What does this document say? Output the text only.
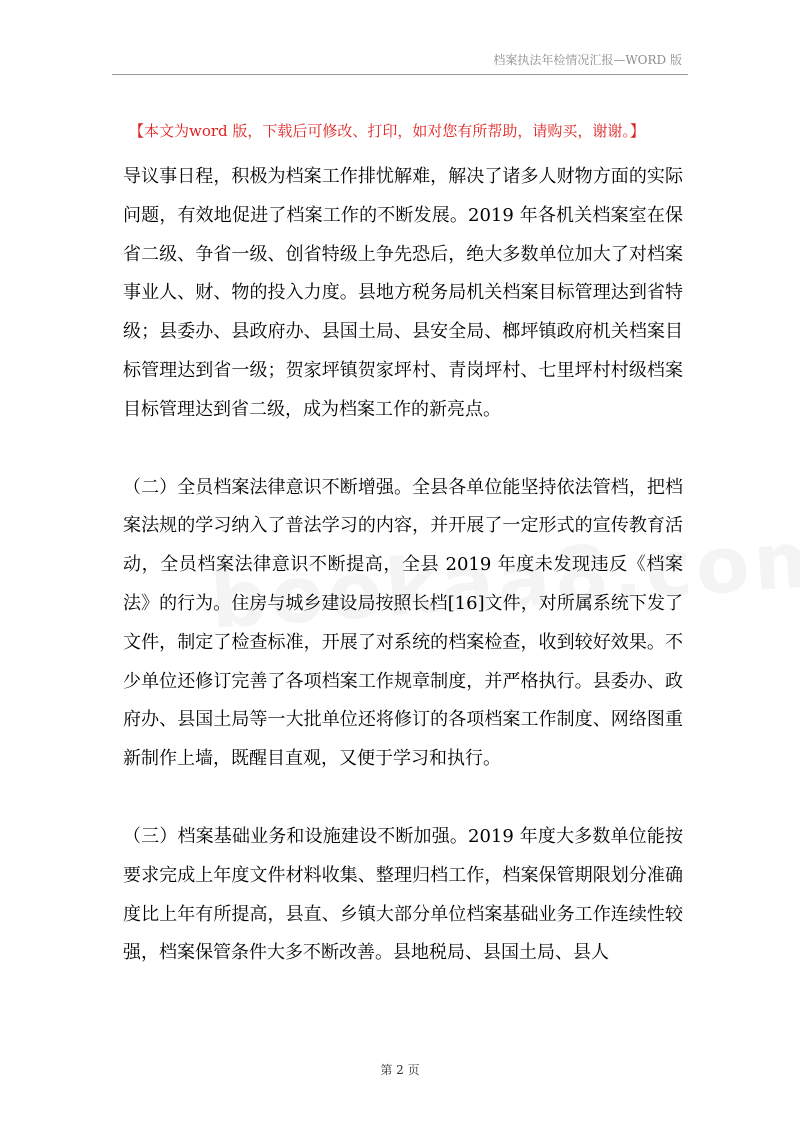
档案执法年检情况汇报—WORD 版
【本文为word 版，下载后可修改、打印，如对您有所帮助，请购买，谢谢。】

导议事日程，积极为档案工作排忧解难，解决了诸多人财物方面的实际问题，有效地促进了档案工作的不断发展。2019 年各机关档案室在保省二级、争省一级、创省特级上争先恐后，绝大多数单位加大了对档案事业人、财、物的投入力度。县地方税务局机关档案目标管理达到省特级；县委办、县政府办、县国土局、县安全局、榔坪镇政府机关档案目标管理达到省一级；贺家坪镇贺家坪村、青岗坪村、七里坪村村级档案目标管理达到省二级，成为档案工作的新亮点。

（二）全员档案法律意识不断增强。全县各单位能坚持依法管档，把档案法规的学习纳入了普法学习的内容，并开展了一定形式的宣传教育活动，全员档案法律意识不断提高，全县 2019 年度未发现违反《档案法》的行为。住房与城乡建设局按照长档[16]文件，对所属系统下发了文件，制定了检查标准，开展了对系统的档案检查，收到较好效果。不少单位还修订完善了各项档案工作规章制度，并严格执行。县委办、政府办、县国土局等一大批单位还将修订的各项档案工作制度、网络图重新制作上墙，既醒目直观，又便于学习和执行。

（三）档案基础业务和设施建设不断加强。2019 年度大多数单位能按要求完成上年度文件材料收集、整理归档工作，档案保管期限划分准确度比上年有所提高，县直、乡镇大部分单位档案基础业务工作连续性较强，档案保管条件大多不断改善。县地税局、县国土局、县人

第 2 页
